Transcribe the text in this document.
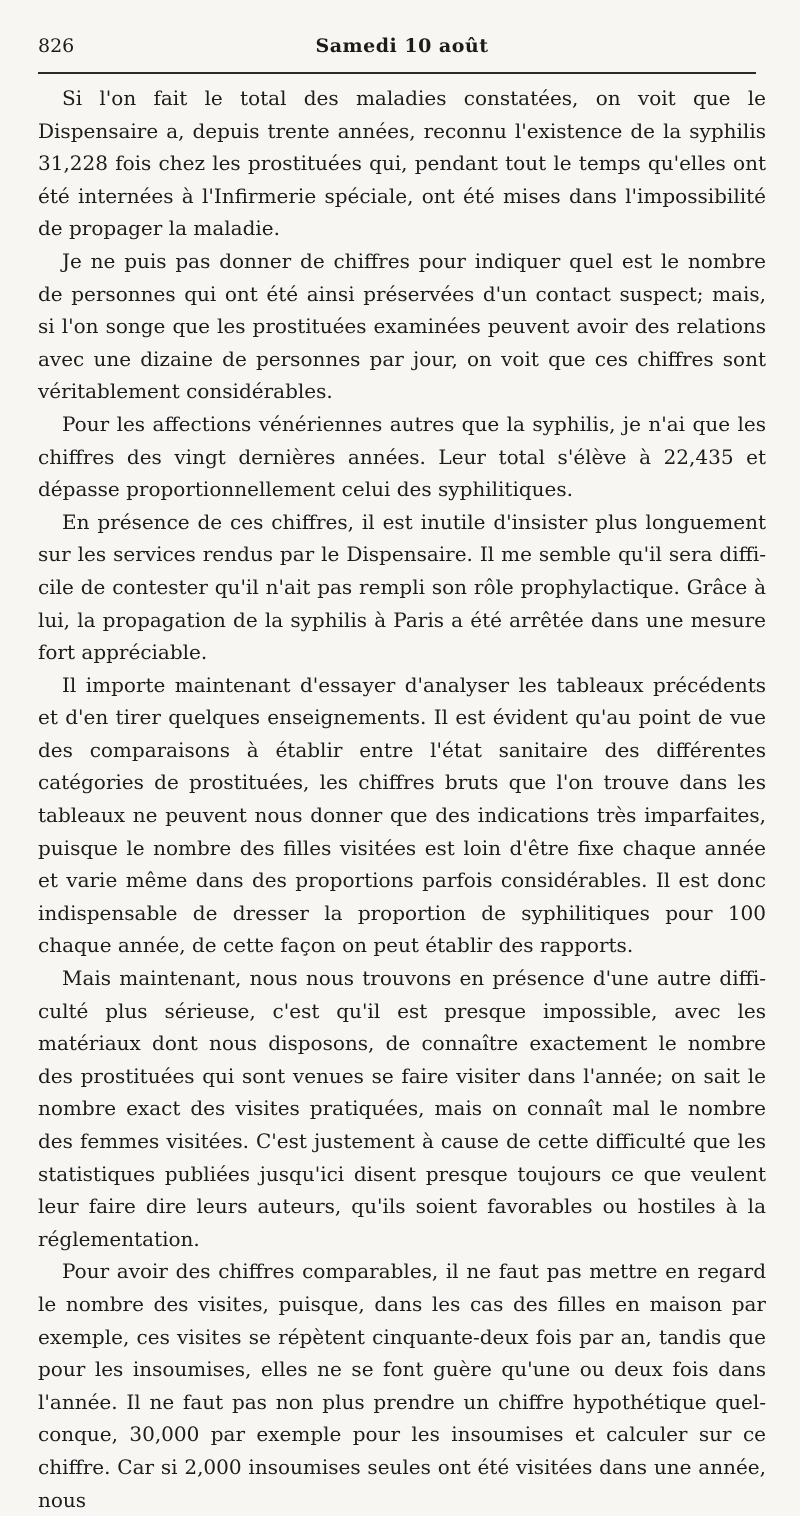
826	Samedi 10 août

Si l'on fait le total des maladies constatées, on voit que le Dispensaire a, depuis trente années, reconnu l'existence de la syphilis 31,228 fois chez les prostituées qui, pendant tout le temps qu'elles ont été internées à l'Infirmerie spéciale, ont été mises dans l'impossibilité de propager la maladie.

Je ne puis pas donner de chiffres pour indiquer quel est le nombre de personnes qui ont été ainsi préservées d'un contact suspect; mais, si l'on songe que les prostituées examinées peuvent avoir des relations avec une dizaine de personnes par jour, on voit que ces chiffres sont véritablement considérables.

Pour les affections vénériennes autres que la syphilis, je n'ai que les chiffres des vingt dernières années. Leur total s'élève à 22,435 et dépasse proportionnellement celui des syphilitiques.

En présence de ces chiffres, il est inutile d'insister plus longuement sur les services rendus par le Dispensaire. Il me semble qu'il sera difficile de contester qu'il n'ait pas rempli son rôle prophylactique. Grâce à lui, la propagation de la syphilis à Paris a été arrêtée dans une mesure fort appréciable.

Il importe maintenant d'essayer d'analyser les tableaux précédents et d'en tirer quelques enseignements. Il est évident qu'au point de vue des comparaisons à établir entre l'état sanitaire des différentes catégories de prostituées, les chiffres bruts que l'on trouve dans les tableaux ne peuvent nous donner que des indications très imparfaites, puisque le nombre des filles visitées est loin d'être fixe chaque année et varie même dans des proportions parfois considérables. Il est donc indispensable de dresser la proportion de syphilitiques pour 100 chaque année, de cette façon on peut établir des rapports.

Mais maintenant, nous nous trouvons en présence d'une autre difficulté plus sérieuse, c'est qu'il est presque impossible, avec les matériaux dont nous disposons, de connaître exactement le nombre des prostituées qui sont venues se faire visiter dans l'année; on sait le nombre exact des visites pratiquées, mais on connaît mal le nombre des femmes visitées. C'est justement à cause de cette difficulté que les statistiques publiées jusqu'ici disent presque toujours ce que veulent leur faire dire leurs auteurs, qu'ils soient favorables ou hostiles à la réglementation.

Pour avoir des chiffres comparables, il ne faut pas mettre en regard le nombre des visites, puisque, dans les cas des filles en maison par exemple, ces visites se répètent cinquante-deux fois par an, tandis que pour les insoumises, elles ne se font guère qu'une ou deux fois dans l'année. Il ne faut pas non plus prendre un chiffre hypothétique quelconque, 30,000 par exemple pour les insoumises et calculer sur ce chiffre. Car si 2,000 insoumises seules ont été visitées dans une année, nous
